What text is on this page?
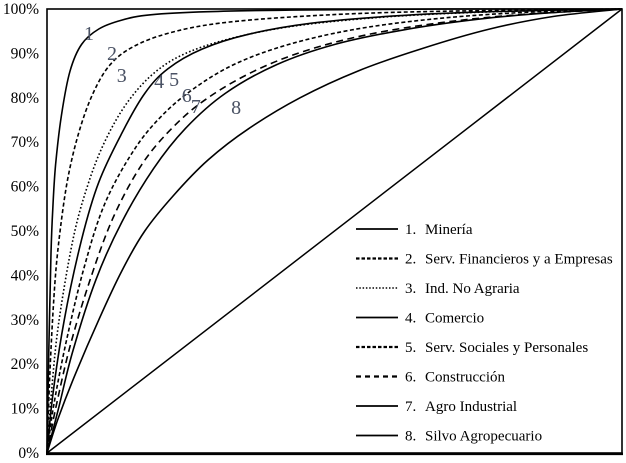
100%
90%
80%
70%
60%
50%
40%
30%
20%
10%
0%
1
2
3 4 5
6 7 8
1. Minería
2. Serv. Financieros y a Empresas
3. Ind. No Agraria
4. Comercio
5. Serv. Sociales y Personales
6. Construcción
7. Agro Industrial
8. Silvo Agropecuario
